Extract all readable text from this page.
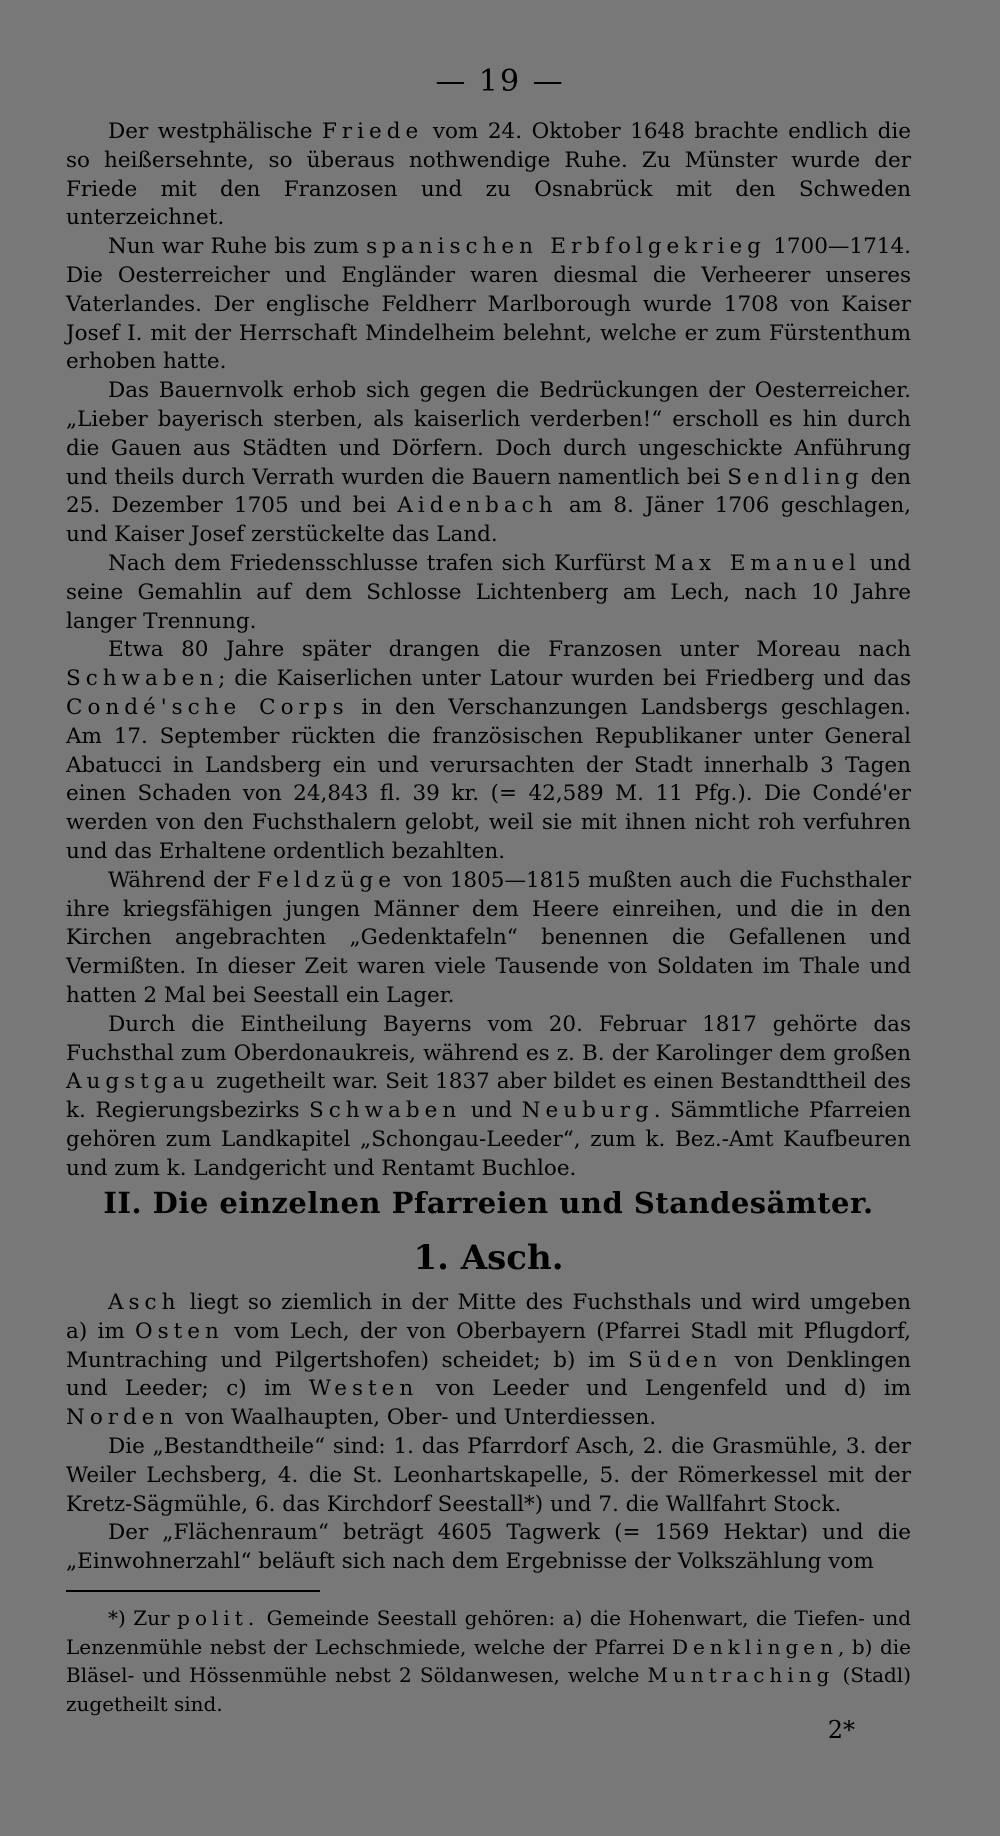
— 19 —

Der westphälische Friede vom 24. Oktober 1648 brachte endlich die so heißersehnte, so überaus nothwendige Ruhe. Zu Münster wurde der Friede mit den Franzosen und zu Osnabrück mit den Schweden unterzeichnet.

Nun war Ruhe bis zum spanischen Erbfolgekrieg 1700—1714. Die Oesterreicher und Engländer waren diesmal die Verheerer unseres Vaterlandes. Der englische Feldherr Marlborough wurde 1708 von Kaiser Josef I. mit der Herrschaft Mindelheim belehnt, welche er zum Fürstenthum erhoben hatte.

Das Bauernvolk erhob sich gegen die Bedrückungen der Oesterreicher. „Lieber bayerisch sterben, als kaiserlich verderben!“ erscholl es hin durch die Gauen aus Städten und Dörfern. Doch durch ungeschickte Anführung und theils durch Verrath wurden die Bauern namentlich bei Sendling den 25. Dezember 1705 und bei Aidenbach am 8. Jäner 1706 geschlagen, und Kaiser Josef zerstückelte das Land.

Nach dem Friedensschlusse trafen sich Kurfürst Max Emanuel und seine Gemahlin auf dem Schlosse Lichtenberg am Lech, nach 10 Jahre langer Trennung.

Etwa 80 Jahre später drangen die Franzosen unter Moreau nach Schwaben; die Kaiserlichen unter Latour wurden bei Friedberg und das Condé'sche Corps in den Verschanzungen Landsbergs geschlagen. Am 17. September rückten die französischen Republikaner unter General Abatucci in Landsberg ein und verursachten der Stadt innerhalb 3 Tagen einen Schaden von 24,843 fl. 39 kr. (= 42,589 M. 11 Pfg.). Die Condé'er werden von den Fuchsthalern gelobt, weil sie mit ihnen nicht roh verfuhren und das Erhaltene ordentlich bezahlten.

Während der Feldzüge von 1805—1815 mußten auch die Fuchsthaler ihre kriegsfähigen jungen Männer dem Heere einreihen, und die in den Kirchen angebrachten „Gedenktafeln“ benennen die Gefallenen und Vermißten. In dieser Zeit waren viele Tausende von Soldaten im Thale und hatten 2 Mal bei Seestall ein Lager.

Durch die Eintheilung Bayerns vom 20. Februar 1817 gehörte das Fuchsthal zum Oberdonaukreis, während es z. B. der Karolinger dem großen Augstgau zugetheilt war. Seit 1837 aber bildet es einen Bestandttheil des k. Regierungsbezirks Schwaben und Neuburg. Sämmtliche Pfarreien gehören zum Landkapitel „Schongau-Leeder“, zum k. Bez.-Amt Kaufbeuren und zum k. Landgericht und Rentamt Buchloe.

II. Die einzelnen Pfarreien und Standesämter.
1. Asch.

Asch liegt so ziemlich in der Mitte des Fuchsthals und wird umgeben a) im Osten vom Lech, der von Oberbayern (Pfarrei Stadl mit Pflugdorf, Muntraching und Pilgertshofen) scheidet; b) im Süden von Denklingen und Leeder; c) im Westen von Leeder und Lengenfeld und d) im Norden von Waalhaupten, Ober- und Unterdiessen.

Die „Bestandtheile“ sind: 1. das Pfarrdorf Asch, 2. die Grasmühle, 3. der Weiler Lechsberg, 4. die St. Leonhartskapelle, 5. der Römerkessel mit der Kretz-Sägmühle, 6. das Kirchdorf Seestall*) und 7. die Wallfahrt Stock.

Der „Flächenraum“ beträgt 4605 Tagwerk (= 1569 Hektar) und die „Einwohnerzahl“ beläuft sich nach dem Ergebnisse der Volkszählung vom

*) Zur polit. Gemeinde Seestall gehören: a) die Hohenwart, die Tiefen- und Lenzenmühle nebst der Lechschmiede, welche der Pfarrei Denklingen, b) die Bläsel- und Hössenmühle nebst 2 Söldanwesen, welche Muntraching (Stadl) zugetheilt sind.

2*
